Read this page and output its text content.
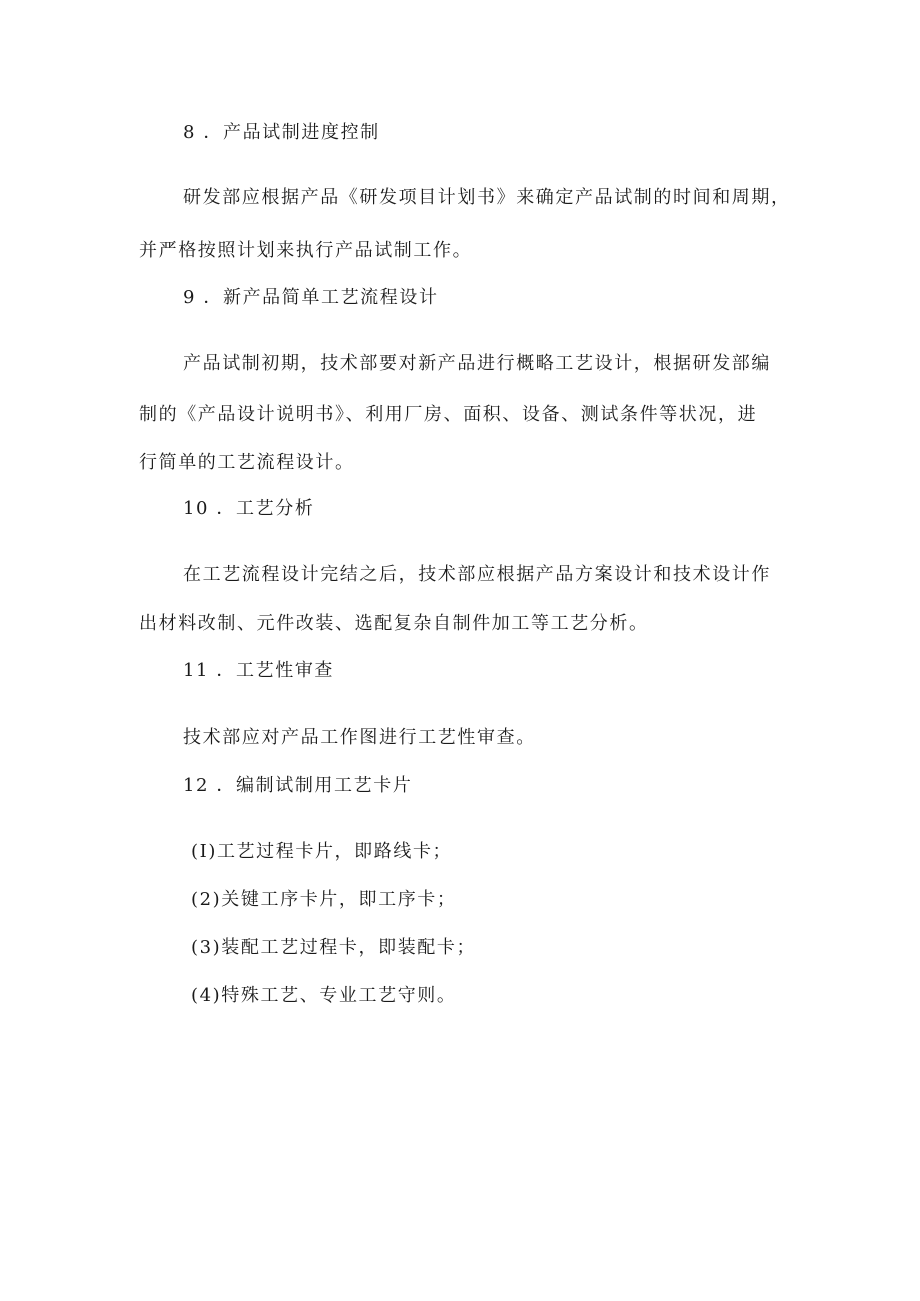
8 ．产品试制进度控制
研发部应根据产品《研发项目计划书》来确定产品试制的时间和周期，
并严格按照计划来执行产品试制工作。
9 ．新产品简单工艺流程设计
产品试制初期，技术部要对新产品进行概略工艺设计，根据研发部编
制的《产品设计说明书》、利用厂房、面积、设备、测试条件等状况，进
行简单的工艺流程设计。
10 ．工艺分析
在工艺流程设计完结之后，技术部应根据产品方案设计和技术设计作
出材料改制、元件改装、选配复杂自制件加工等工艺分析。
11 ．工艺性审查
技术部应对产品工作图进行工艺性审查。
12 ．编制试制用工艺卡片
(I)工艺过程卡片，即路线卡；
(2)关键工序卡片，即工序卡；
(3)装配工艺过程卡，即装配卡；
(4)特殊工艺、专业工艺守则。
